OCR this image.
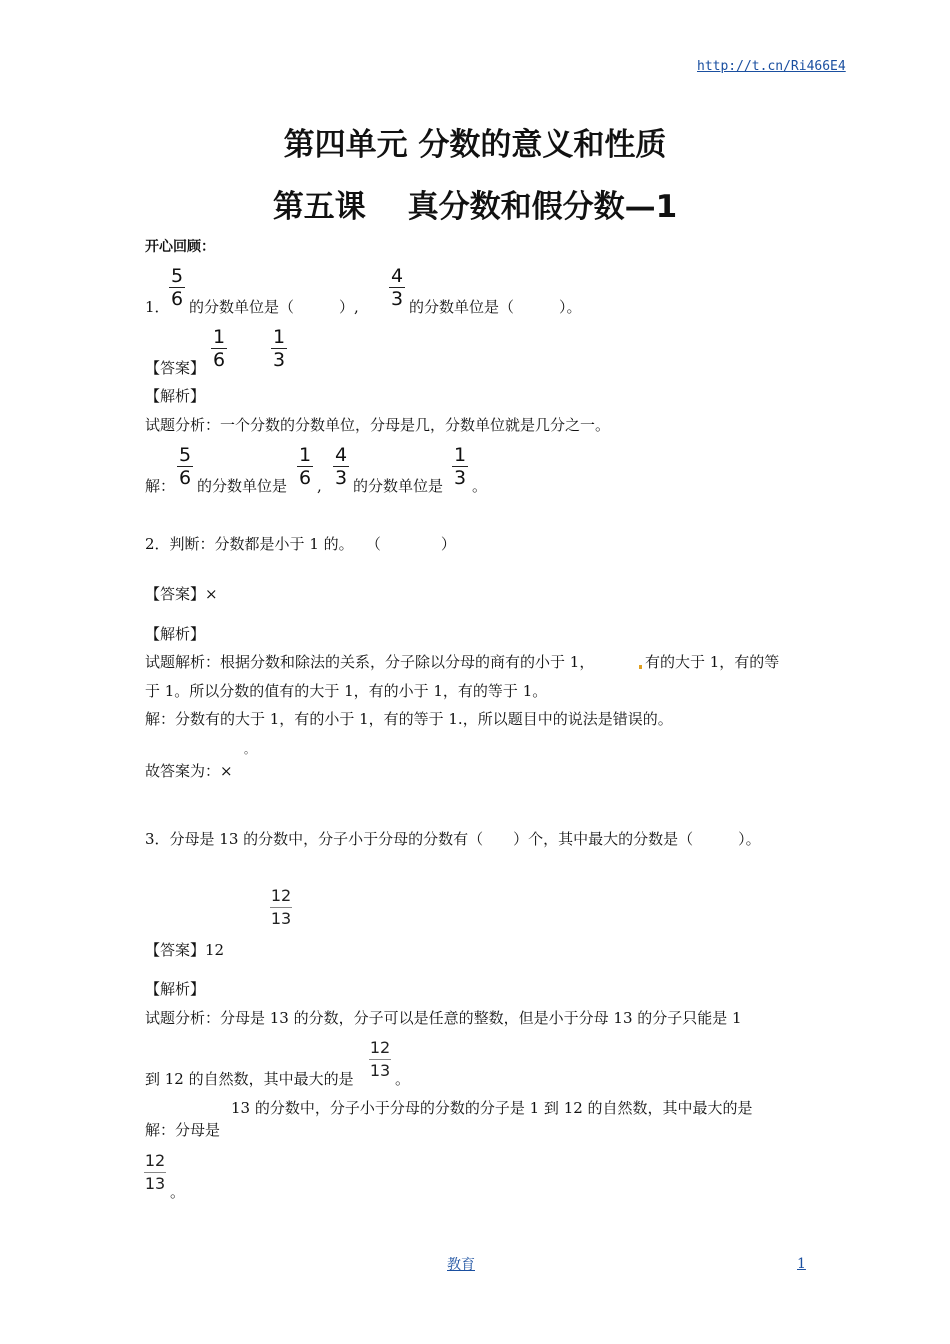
http://t.cn/Ri466E4
第四单元 分数的意义和性质
第五课　 真分数和假分数—1
开心回顾：
1．
5
6 的分数单位是（　　　）,
4
3 的分数单位是（　　　）。
【答案】
1
6
1
3
【解析】
试题分析：一个分数的分数单位，分母是几，分数单位就是几分之一。
解：
5
6 的分数单位是
1
6 ,
4
3 的分数单位是
1
3 。
2．判断：分数都是小于 1 的。　 （　　　　）
【答案】×
【解析】
试题解析：根据分数和除法的关系，分子除以分母的商有的小于 1，	有的大于 1，有的等
于 1。所以分数的值有的大于 1，有的小于 1，有的等于 1。
解：分数有的大于 1，有的小于 1，有的等于 1.，所以题目中的说法是错误的。
。
故答案为：×
3．分母是 13 的分数中，分子小于分母的分数有（　　）个，其中最大的分数是（　　　）。
12
13
【答案】12
【解析】
试题分析：分母是 13 的分数，分子可以是任意的整数，但是小于分母 13 的分子只能是 1
到 12 的自然数，其中最大的是
12
13 。
13 的分数中，分子小于分母的分数的分子是 1 到 12 的自然数，其中最大的是
解：分母是
12
13 。
教育	1
